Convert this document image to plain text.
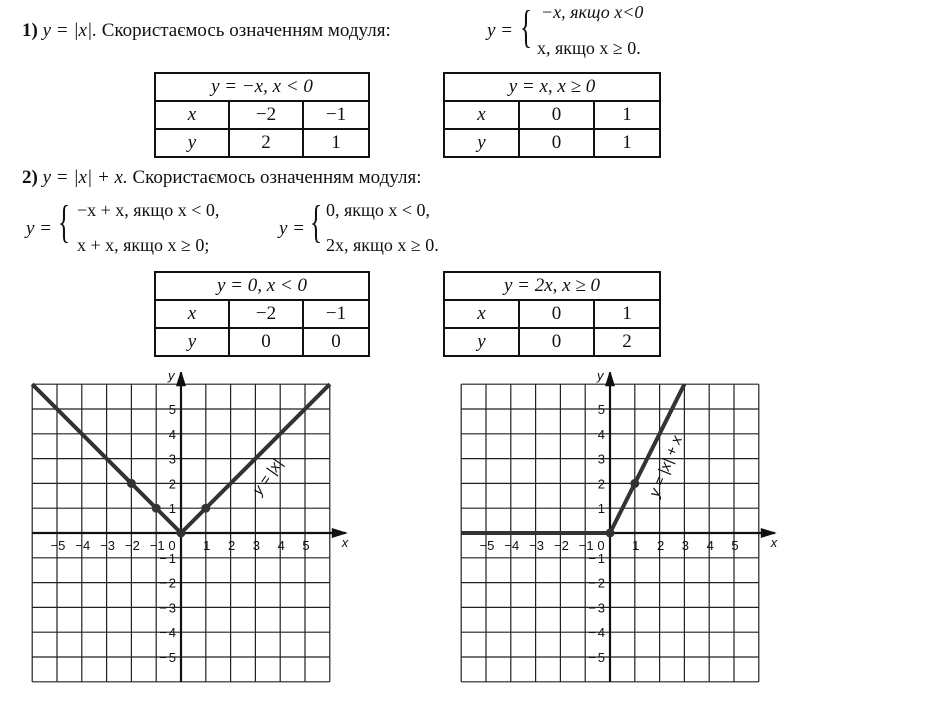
1) y = |x|. Скористаємось означенням модуля:	y = { −x, якщо x<0
x, якщо x ≥ 0.
y = −x, x < 0		
x	−2	−1
y	2	1
y = x, x ≥ 0		
x	0	1
y	0	1
2) y = |x| + x. Скористаємось означенням модуля:
y = { −x + x, якщо x < 0,
x + x, якщо x ≥ 0;
y = { 0, якщо x < 0,
2x, якщо x ≥ 0.
y = 0, x < 0		
x	−2	−1
y	0	0
y = 2x, x ≥ 0		
x	0	1
y	0	2
x
y
−5 −4 −3 −2 −1 0 1 2 3 4 5
5
4
3
2
1
1
−
2
−
3
−
4
−
5
−
y = |x|
x
y
−5 −4 −3 −2 −1 0 1 2 3 4 5
5
4
3
2
1
1
−
2
−
3
−
4
−
5
−
y = |x| + x
